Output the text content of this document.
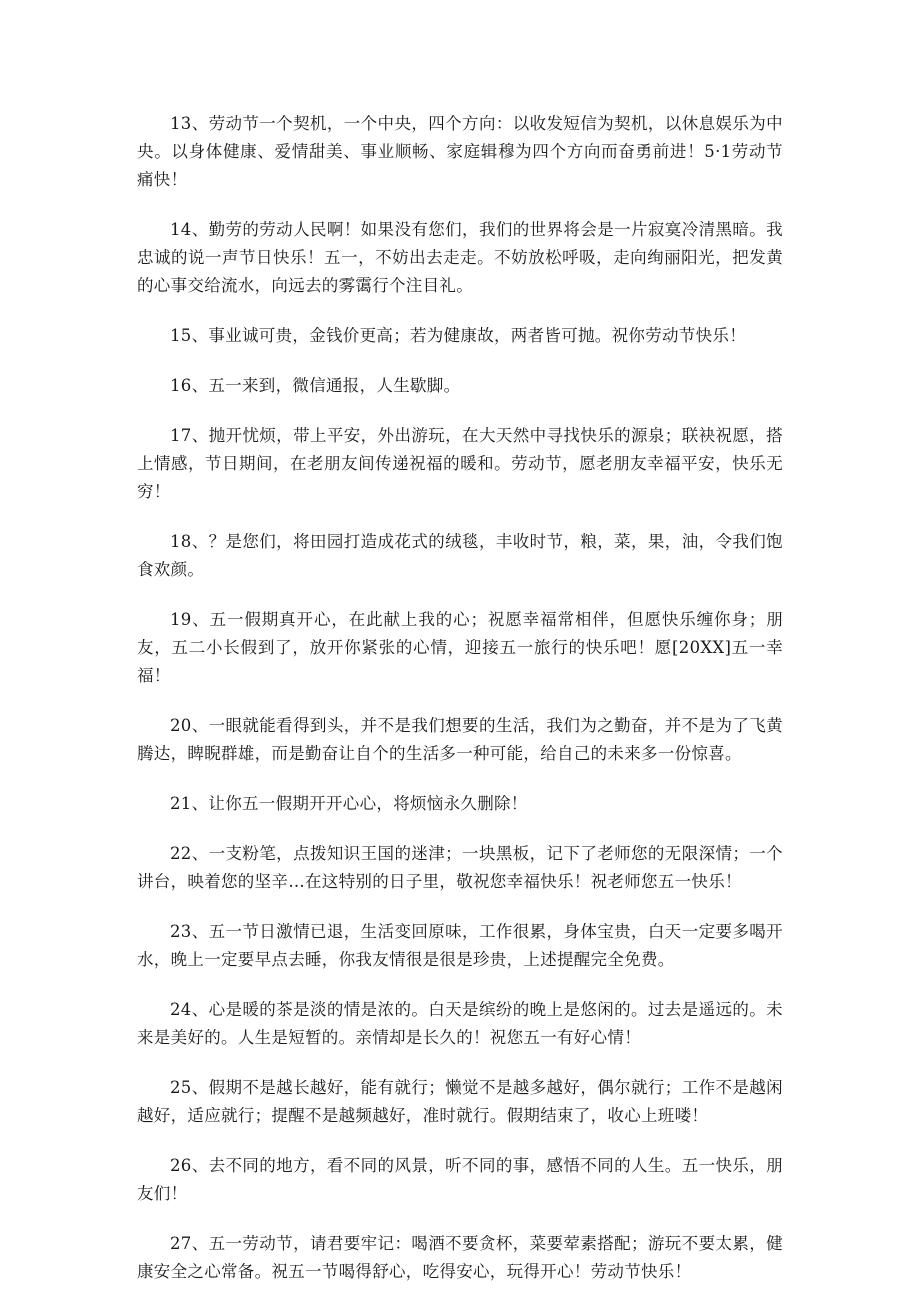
13、劳动节一个契机，一个中央，四个方向：以收发短信为契机，以休息娱乐为中央。以身体健康、爱情甜美、事业顺畅、家庭辑穆为四个方向而奋勇前进！5·1劳动节痛快！

14、勤劳的劳动人民啊！如果没有您们，我们的世界将会是一片寂寞冷清黑暗。我忠诚的说一声节日快乐！五一，不妨出去走走。不妨放松呼吸，走向绚丽阳光，把发黄的心事交给流水，向远去的雾霭行个注目礼。

15、事业诚可贵，金钱价更高；若为健康故，两者皆可抛。祝你劳动节快乐！

16、五一来到，微信通报，人生歇脚。

17、抛开忧烦，带上平安，外出游玩，在大天然中寻找快乐的源泉；联袂祝愿，搭上情感，节日期间，在老朋友间传递祝福的暖和。劳动节，愿老朋友幸福平安，快乐无穷！

18、？是您们，将田园打造成花式的绒毯，丰收时节，粮，菜，果，油，令我们饱食欢颜。

19、五一假期真开心，在此献上我的心；祝愿幸福常相伴，但愿快乐缠你身；朋友，五二小长假到了，放开你紧张的心情，迎接五一旅行的快乐吧！愿[20XX]五一幸福！

20、一眼就能看得到头，并不是我们想要的生活，我们为之勤奋，并不是为了飞黄腾达，睥睨群雄，而是勤奋让自个的生活多一种可能，给自己的未来多一份惊喜。

21、让你五一假期开开心心，将烦恼永久删除！

22、一支粉笔，点拨知识王国的迷津；一块黑板，记下了老师您的无限深情；一个讲台，映着您的坚辛…在这特别的日子里，敬祝您幸福快乐！祝老师您五一快乐！

23、五一节日激情已退，生活变回原味，工作很累，身体宝贵，白天一定要多喝开水，晚上一定要早点去睡，你我友情很是很是珍贵，上述提醒完全免费。

24、心是暖的茶是淡的情是浓的。白天是缤纷的晚上是悠闲的。过去是遥远的。未来是美好的。人生是短暂的。亲情却是长久的！祝您五一有好心情！

25、假期不是越长越好，能有就行；懒觉不是越多越好，偶尔就行；工作不是越闲越好，适应就行；提醒不是越频越好，准时就行。假期结束了，收心上班喽！

26、去不同的地方，看不同的风景，听不同的事，感悟不同的人生。五一快乐，朋友们！

27、五一劳动节，请君要牢记：喝酒不要贪杯，菜要荤素搭配；游玩不要太累，健康安全之心常备。祝五一节喝得舒心，吃得安心，玩得开心！劳动节快乐！
